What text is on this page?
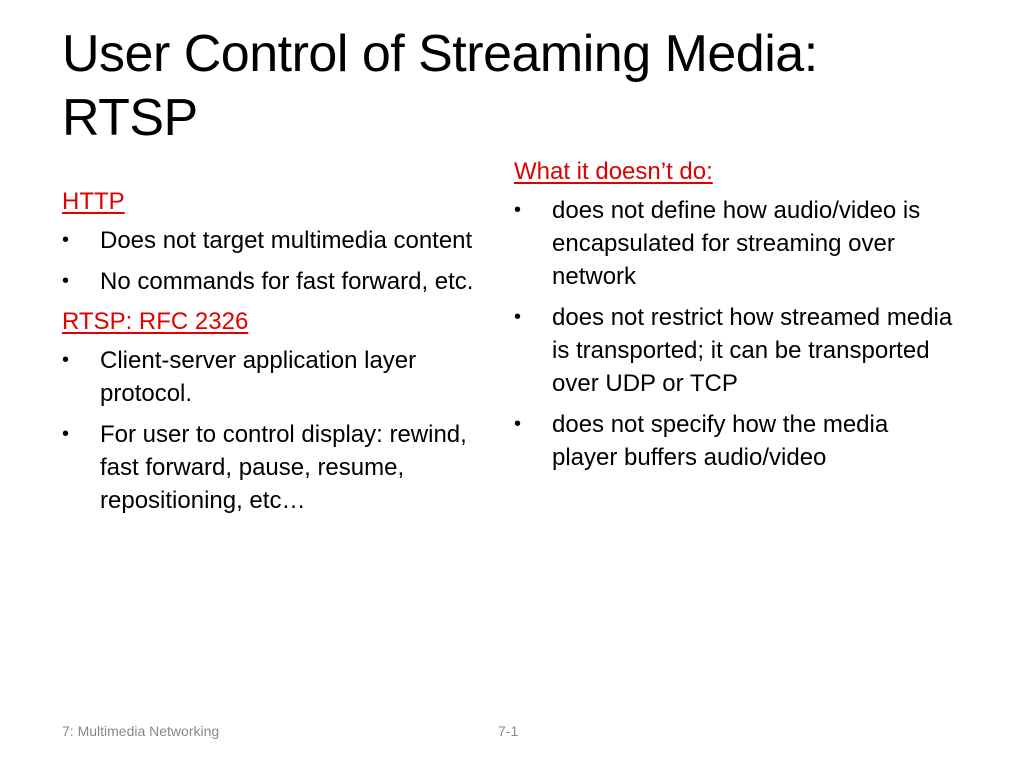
User Control of Streaming Media: RTSP
HTTP
•	Does not target multimedia content
•	No commands for fast forward, etc.
RTSP: RFC 2326
•	Client-server application layer protocol.
•	For user to control display: rewind, fast forward, pause, resume, repositioning, etc…
What it doesn’t do:
•	does not define how audio/video is encapsulated for streaming over network
•	does not restrict how streamed media is transported; it can be transported over UDP or TCP
•	does not specify how the media player buffers audio/video
7: Multimedia Networking	7-1
